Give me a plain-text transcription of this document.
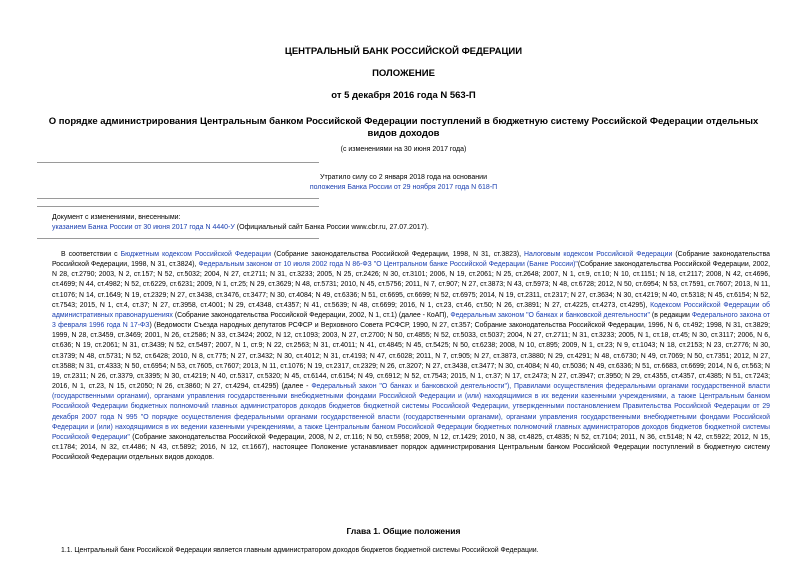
ЦЕНТРАЛЬНЫЙ БАНК РОССИЙСКОЙ ФЕДЕРАЦИИ
ПОЛОЖЕНИЕ
от 5 декабря 2016 года N 563-П
О порядке администрирования Центральным банком Российской Федерации поступлений в бюджетную систему Российской Федерации отдельных видов доходов
(с изменениями на 30 июня 2017 года)
Утратило силу со 2 января 2018 года на основании
положения Банка России от 29 ноября 2017 года N 618-П
Документ с изменениями, внесенными:
указанием Банка России от 30 июня 2017 года N 4440-У (Официальный сайт Банка России www.cbr.ru, 27.07.2017).
В соответствии с Бюджетным кодексом Российской Федерации (Собрание законодательства Российской Федерации, 1998, N 31, ст.3823), Налоговым кодексом Российской Федерации (Собрание законодательства Российской Федерации, 1998, N 31, ст.3824), Федеральным законом от 10 июля 2002 года N 86-ФЗ "О Центральном банке Российской Федерации (Банке России)"(Собрание законодательства Российской Федерации, 2002, N 28, ст.2790; 2003, N 2, ст.157; N 52, ст.5032; 2004, N 27, ст.2711; N 31, ст.3233; 2005, N 25, ст.2426; N 30, ст.3101; 2006, N 19, ст.2061; N 25, ст.2648; 2007, N 1, ст.9, ст.10; N 10, ст.1151; N 18, ст.2117; 2008, N 42, ст.4696, ст.4699; N 44, ст.4982; N 52, ст.6229, ст.6231; 2009, N 1, ст.25; N 29, ст.3629; N 48, ст.5731; 2010, N 45, ст.5756; 2011, N 7, ст.907; N 27, ст.3873; N 43, ст.5973; N 48, ст.6728; 2012, N 50, ст.6954; N 53, ст.7591, ст.7607; 2013, N 11, ст.1076; N 14, ст.1649; N 19, ст.2329; N 27, ст.3438, ст.3476, ст.3477; N 30, ст.4084; N 49, ст.6336; N 51, ст.6695, ст.6699; N 52, ст.6975; 2014, N 19, ст.2311, ст.2317; N 27, ст.3634; N 30, ст.4219; N 40, ст.5318; N 45, ст.6154; N 52, ст.7543; 2015, N 1, ст.4, ст.37; N 27, ст.3958, ст.4001; N 29, ст.4348, ст.4357; N 41, ст.5639; N 48, ст.6699; 2016, N 1, ст.23, ст.46, ст.50; N 26, ст.3891; N 27, ст.4225, ст.4273, ст.4295), Кодексом Российской Федерации об административных правонарушениях (Собрание законодательства Российской Федерации, 2002, N 1, ст.1) (далее - КоАП), Федеральным законом "О банках и банковской деятельности" (в редакции Федерального закона от 3 февраля 1996 года N 17-ФЗ) (Ведомости Съезда народных депутатов РСФСР и Верховного Совета РСФСР, 1990, N 27, ст.357; Собрание законодательства Российской Федерации, 1996, N 6, ст.492; 1998, N 31, ст.3829; 1999, N 28, ст.3459, ст.3469; 2001, N 26, ст.2586; N 33, ст.3424; 2002, N 12, ст.1093; 2003, N 27, ст.2700; N 50, ст.4855; N 52, ст.5033, ст.5037; 2004, N 27, ст.2711; N 31, ст.3233; 2005, N 1, ст.18, ст.45; N 30, ст.3117; 2006, N 6, ст.636; N 19, ст.2061; N 31, ст.3439; N 52, ст.5497; 2007, N 1, ст.9; N 22, ст.2563; N 31, ст.4011; N 41, ст.4845; N 45, ст.5425; N 50, ст.6238; 2008, N 10, ст.895; 2009, N 1, ст.23; N 9, ст.1043; N 18, ст.2153; N 23, ст.2776; N 30, ст.3739; N 48, ст.5731; N 52, ст.6428; 2010, N 8, ст.775; N 27, ст.3432; N 30, ст.4012; N 31, ст.4193; N 47, ст.6028; 2011, N 7, ст.905; N 27, ст.3873, ст.3880; N 29, ст.4291; N 48, ст.6730; N 49, ст.7069; N 50, ст.7351; 2012, N 27, ст.3588; N 31, ст.4333; N 50, ст.6954; N 53, ст.7605, ст.7607; 2013, N 11, ст.1076; N 19, ст.2317, ст.2329; N 26, ст.3207; N 27, ст.3438, ст.3477; N 30, ст.4084; N 40, ст.5036; N 49, ст.6336; N 51, ст.6683, ст.6699; 2014, N 6, ст.563; N 19, ст.2311; N 26, ст.3379, ст.3395; N 30, ст.4219; N 40, ст.5317, ст.5320; N 45, ст.6144, ст.6154; N 49, ст.6912; N 52, ст.7543; 2015, N 1, ст.37; N 17, ст.2473; N 27, ст.3947; ст.3950; N 29, ст.4355, ст.4357, ст.4385; N 51, ст.7243; 2016, N 1, ст.23, N 15, ст.2050; N 26, ст.3860; N 27, ст.4294, ст.4295) (далее - Федеральный закон "О банках и банковской деятельности"), Правилами осуществления федеральными органами государственной власти (государственными органами), органами управления государственными внебюджетными фондами Российской Федерации и (или) находящимися в их ведении казенными учреждениями, а также Центральным банком Российской Федерации бюджетных полномочий главных администраторов доходов бюджетов бюджетной системы Российской Федерации, утвержденными постановлением Правительства Российской Федерации от 29 декабря 2007 года N 995 "О порядке осуществления федеральными органами государственной власти (государственными органами), органами управления государственными внебюджетными фондами Российской Федерации и (или) находящимися в их ведении казенными учреждениями, а также Центральным банком Российской Федерации бюджетных полномочий главных администраторов доходов бюджетов бюджетной системы Российской Федерации" (Собрание законодательства Российской Федерации, 2008, N 2, ст.116; N 50, ст.5958; 2009, N 12, ст.1429; 2010, N 38, ст.4825, ст.4835; N 52, ст.7104; 2011, N 36, ст.5148; N 42, ст.5922; 2012, N 15, ст.1784; 2014, N 32, ст.4486; N 43, ст.5892; 2016, N 12, ст.1667), настоящее Положение устанавливает порядок администрирования Центральным банком Российской Федерации поступлений в бюджетную систему Российской Федерации отдельных видов доходов.
Глава 1. Общие положения
1.1. Центральный банк Российской Федерации является главным администратором доходов бюджетов бюджетной системы Российской Федерации.
